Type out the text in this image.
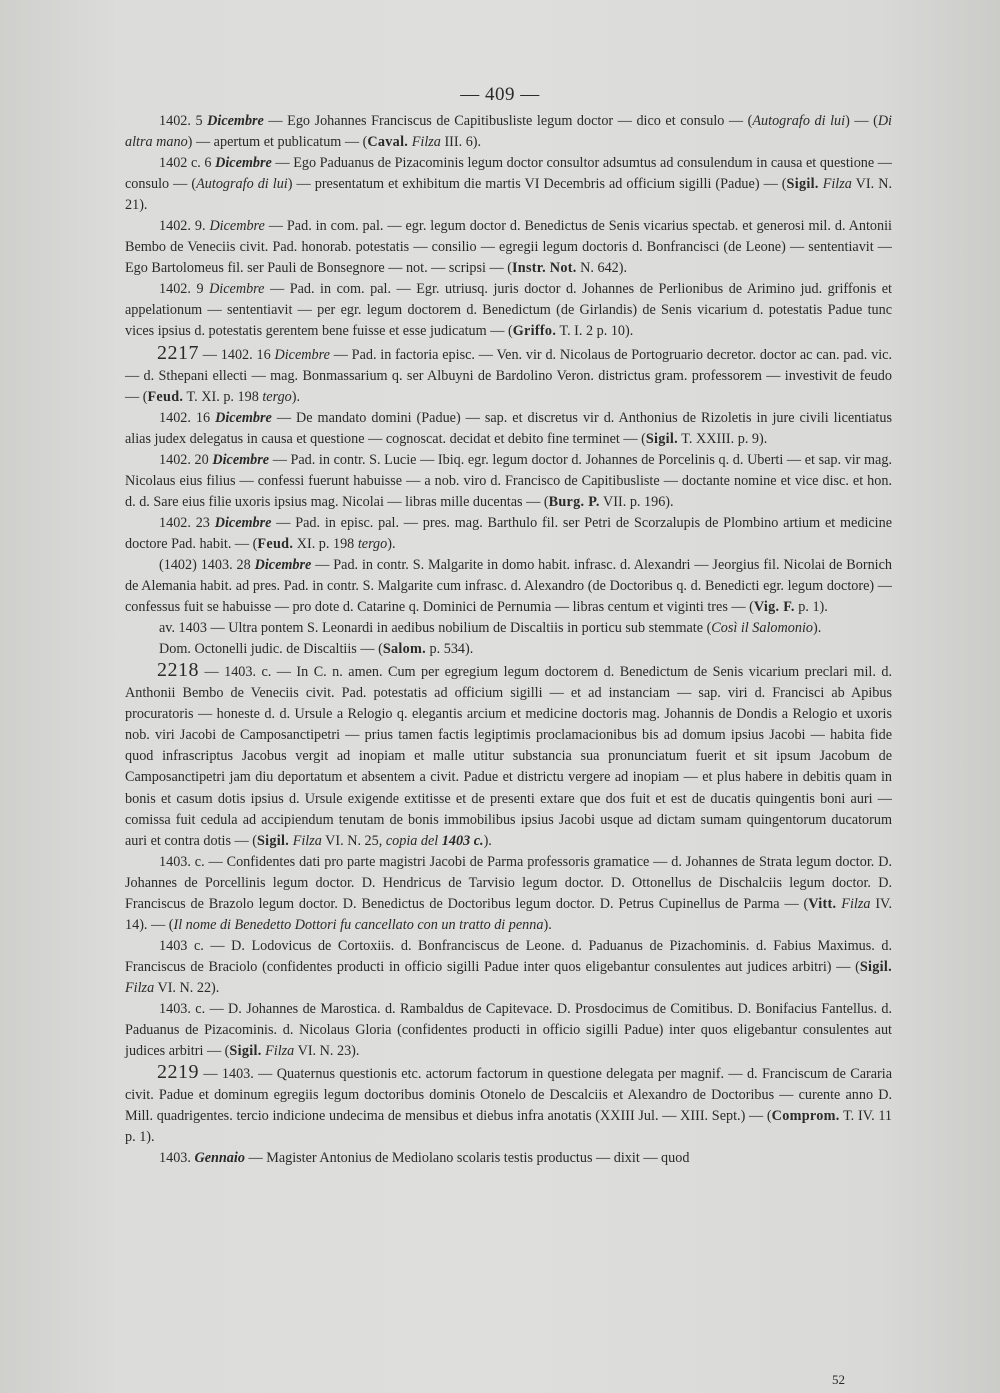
— 409 —

1402. 5 Dicembre — Ego Johannes Franciscus de Capitibusliste legum doctor — dico et consulo — (Autografo di lui) — (Di altra mano) — apertum et publicatum — (Caval. Filza III. 6).

1402 c. 6 Dicembre — Ego Paduanus de Pizacominis legum doctor consultor adsumtus ad consulendum in causa et questione — consulo — (Autografo di lui) — presentatum et exhibitum die martis VI Decembris ad officium sigilli (Padue) — (Sigil. Filza VI. N. 21).

1402. 9. Dicembre — Pad. in com. pal. — egr. legum doctor d. Benedictus de Senis vicarius spectab. et generosi mil. d. Antonii Bembo de Veneciis civit. Pad. honorab. potestatis — consilio — egregii legum doctoris d. Bonfrancisci (de Leone) — sententiavit — Ego Bartolomeus fil. ser Pauli de Bonsegnore — not. — scripsi — (Instr. Not. N. 642).

1402. 9 Dicembre — Pad. in com. pal. — Egr. utriusq. juris doctor d. Johannes de Perlionibus de Arimino jud. griffonis et appelationum — sententiavit — per egr. legum doctorem d. Benedictum (de Girlandis) de Senis vicarium d. potestatis Padue tunc vices ipsius d. potestatis gerentem bene fuisse et esse judicatum — (Griffo. T. I. 2 p. 10).

2217 — 1402. 16 Dicembre — Pad. in factoria episc. — Ven. vir d. Nicolaus de Portogruario decretor. doctor ac can. pad. vic. — d. Sthepani ellecti — mag. Bonmassarium q. ser Albuyni de Bardolino Veron. districtus gram. professorem — investivit de feudo — (Feud. T. XI. p. 198 tergo).

1402. 16 Dicembre — De mandato domini (Padue) — sap. et discretus vir d. Anthonius de Rizoletis in jure civili licentiatus alias judex delegatus in causa et questione — cognoscat. decidat et debito fine terminet — (Sigil. T. XXIII. p. 9).

1402. 20 Dicembre — Pad. in contr. S. Lucie — Ibiq. egr. legum doctor d. Johannes de Porcelinis q. d. Uberti — et sap. vir mag. Nicolaus eius filius — confessi fuerunt habuisse — a nob. viro d. Francisco de Capitibusliste — doctante nomine et vice disc. et hon. d. d. Sare eius filie uxoris ipsius mag. Nicolai — libras mille ducentas — (Burg. P. VII. p. 196).

1402. 23 Dicembre — Pad. in episc. pal. — pres. mag. Barthulo fil. ser Petri de Scorzalupis de Plombino artium et medicine doctore Pad. habit. — (Feud. XI. p. 198 tergo).

(1402) 1403. 28 Dicembre — Pad. in contr. S. Malgarite in domo habit. infrasc. d. Alexandri — Jeorgius fil. Nicolai de Bornich de Alemania habit. ad pres. Pad. in contr. S. Malgarite cum infrasc. d. Alexandro (de Doctoribus q. d. Benedicti egr. legum doctore) — confessus fuit se habuisse — pro dote d. Catarine q. Dominici de Pernumia — libras centum et viginti tres — (Vig. F. p. 1).

av. 1403 — Ultra pontem S. Leonardi in aedibus nobilium de Discaltiis in porticu sub stemmate (Così il Salomonio).

Dom. Octonelli judic. de Discaltiis — (Salom. p. 534).

2218 — 1403. c. — In C. n. amen. Cum per egregium legum doctorem d. Benedictum de Senis vicarium preclari mil. d. Anthonii Bembo de Veneciis civit. Pad. potestatis ad officium sigilli — et ad instanciam — sap. viri d. Francisci ab Apibus procuratoris — honeste d. d. Ursule a Relogio q. elegantis arcium et medicine doctoris mag. Johannis de Dondis a Relogio et uxoris nob. viri Jacobi de Camposanctipetri — prius tamen factis legiptimis proclamacionibus bis ad domum ipsius Jacobi — habita fide quod infrascriptus Jacobus vergit ad inopiam et malle utitur substancia sua pronunciatum fuerit et sit ipsum Jacobum de Camposanctipetri jam diu deportatum et absentem a civit. Padue et districtu vergere ad inopiam — et plus habere in debitis quam in bonis et casum dotis ipsius d. Ursule exigende extitisse et de presenti extare que dos fuit et est de ducatis quingentis boni auri — comissa fuit cedula ad accipiendum tenutam de bonis immobilibus ipsius Jacobi usque ad dictam sumam quingentorum ducatorum auri et contra dotis — (Sigil. Filza VI. N. 25, copia del 1403 c.).

1403. c. — Confidentes dati pro parte magistri Jacobi de Parma professoris gramatice — d. Johannes de Strata legum doctor. D. Johannes de Porcellinis legum doctor. D. Hendricus de Tarvisio legum doctor. D. Ottonellus de Dischalciis legum doctor. D. Franciscus de Brazolo legum doctor. D. Benedictus de Doctoribus legum doctor. D. Petrus Cupinellus de Parma — (Vitt. Filza IV. 14). — (Il nome di Benedetto Dottori fu cancellato con un tratto di penna).

1403 c. — D. Lodovicus de Cortoxiis. d. Bonfranciscus de Leone. d. Paduanus de Pizachominis. d. Fabius Maximus. d. Franciscus de Braciolo (confidentes producti in officio sigilli Padue inter quos eligebantur consulentes aut judices arbitri) — (Sigil. Filza VI. N. 22).

1403. c. — D. Johannes de Marostica. d. Rambaldus de Capitevace. D. Prosdocimus de Comitibus. D. Bonifacius Fantellus. d. Paduanus de Pizacominis. d. Nicolaus Gloria (confidentes producti in officio sigilli Padue) inter quos eligebantur consulentes aut judices arbitri — (Sigil. Filza VI. N. 23).

2219 — 1403. — Quaternus questionis etc. actorum factorum in questione delegata per magnif. — d. Franciscum de Cararia civit. Padue et dominum egregiis legum doctoribus dominis Otonelo de Descalciis et Alexandro de Doctoribus — curente anno D. Mill. quadrigentes. tercio indicione undecima de mensibus et diebus infra anotatis (XXIII Jul. — XIII. Sept.) — (Comprom. T. IV. 11 p. 1).

1403. Gennaio — Magister Antonius de Mediolano scolaris testis productus — dixit — quod

52
